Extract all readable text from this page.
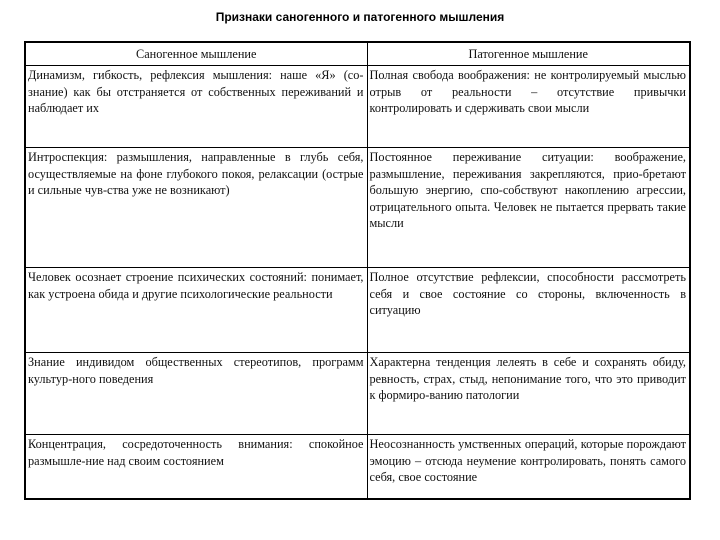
Признаки саногенного и патогенного мышления
Саногенное мышление	Патогенное мышление
Динамизм, гибкость, рефлексия мышления: наше «Я» (со-знание) как бы отстраняется от собственных переживаний и наблюдает их	Полная свобода воображения: не контролируемый мыслью отрыв от реальности – отсутствие привычки контролировать и сдерживать свои мысли
Интроспекция: размышления, направленные в глубь себя, осуществляемые на фоне глубокого покоя, релаксации (острые и сильные чув-ства уже не возникают)	Постоянное переживание ситуации: воображение, размышление, переживания закрепляются, прио-бретают большую энергию, спо-собствуют накоплению агрессии, отрицательного опыта. Человек не пытается прервать такие мысли
Человек осознает строение психических состояний: понимает, как устроена обида и другие психологические реальности	Полное отсутствие рефлексии, способности рассмотреть себя и свое состояние со стороны, включенность в ситуацию
Знание индивидом общественных стереотипов, программ культур-ного поведения	Характерна тенденция лелеять в себе и сохранять обиду, ревность, страх, стыд, непонимание того, что это приводит к формиро-ванию патологии
Концентрация, сосредоточенность внимания: спокойное размышле-ние над своим состоянием	Неосознанность умственных операций, которые порождают эмоцию – отсюда неумение контролировать, понять самого себя, свое состояние
